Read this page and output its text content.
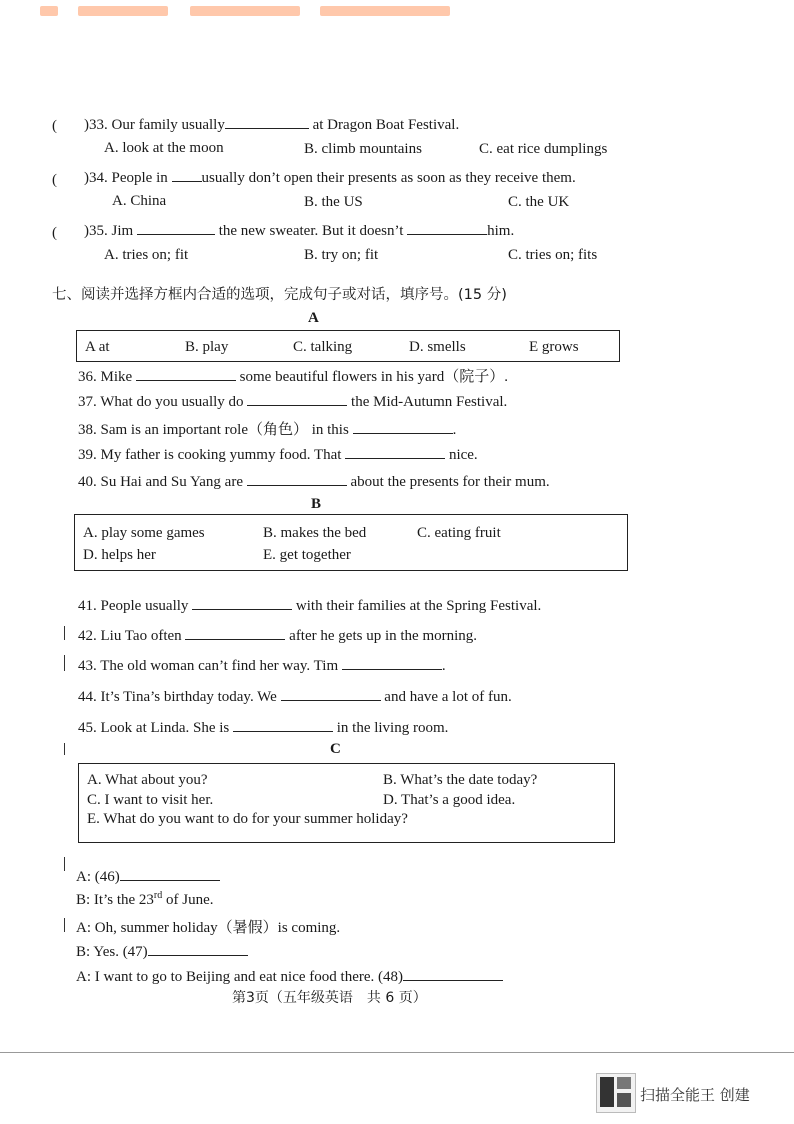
( )33. Our family usually	at Dragon Boat Festival.
A. look at the moon	B. climb mountains	C. eat rice dumplings
( )34. People in usually don’t open their presents as soon as they receive them.
A. China	B. the US	C. the UK
( )35. Jim	the new sweater. But it doesn’t	him.
A. tries on; fit	B. try on; fit	C. tries on; fits
七、阅读并选择方框内合适的选项，完成句子或对话，填序号。(15 分)
A
A at	B. play	C. talking	D. smells	E grows
36. Mike	some beautiful flowers in his yard（院子）.
37. What do you usually do	the Mid-Autumn Festival.
38. Sam is an important role（角色） in this	.
39. My father is cooking yummy food. That	nice.
40. Su Hai and Su Yang are	about the presents for their mum.
B
A. play some games	B. makes the bed	C. eating fruit
D. helps her	E. get together
41. People usually	with their families at the Spring Festival.
42. Liu Tao often	after he gets up in the morning.
43. The old woman can’t find her way. Tim	.
44. It’s Tina’s birthday today. We	and have a lot of fun.
45. Look at Linda. She is	in the living room.
C
A. What about you?	B. What’s the date today?
C. I want to visit her.	D. That’s a good idea.
E. What do you want to do for your summer holiday?
A: (46)
B: It’s the 23rd of June.
A: Oh, summer holiday（暑假）is coming.
B: Yes. (47)
A: I want to go to Beijing and eat nice food there. (48)
第3页（五年级英语　共 6 页）
扫描全能王 创建
